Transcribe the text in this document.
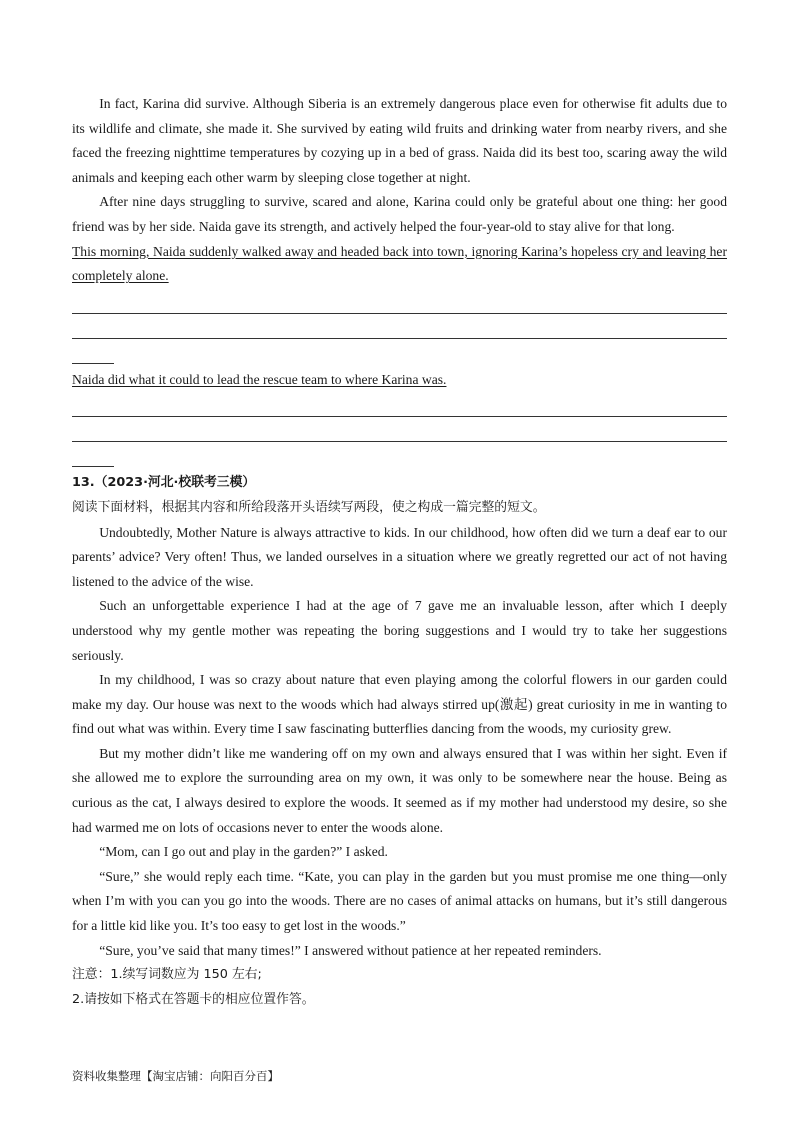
In fact, Karina did survive. Although Siberia is an extremely dangerous place even for otherwise fit adults due to its wildlife and climate, she made it. She survived by eating wild fruits and drinking water from nearby rivers, and she faced the freezing nighttime temperatures by cozying up in a bed of grass. Naida did its best too, scaring away the wild animals and keeping each other warm by sleeping close together at night.

After nine days struggling to survive, scared and alone, Karina could only be grateful about one thing: her good friend was by her side. Naida gave its strength, and actively helped the four-year-old to stay alive for that long.

This morning, Naida suddenly walked away and headed back into town, ignoring Karina’s hopeless cry and leaving her completely alone.

Naida did what it could to lead the rescue team to where Karina was.

13.（2023·河北·校联考三模）

阅读下面材料，根据其内容和所给段落开头语续写两段，使之构成一篇完整的短文。

Undoubtedly, Mother Nature is always attractive to kids. In our childhood, how often did we turn a deaf ear to our parents’ advice? Very often! Thus, we landed ourselves in a situation where we greatly regretted our act of not having listened to the advice of the wise.

Such an unforgettable experience I had at the age of 7 gave me an invaluable lesson, after which I deeply understood why my gentle mother was repeating the boring suggestions and I would try to take her suggestions seriously.

In my childhood, I was so crazy about nature that even playing among the colorful flowers in our garden could make my day. Our house was next to the woods which had always stirred up(激起) great curiosity in me in wanting to find out what was within. Every time I saw fascinating butterflies dancing from the woods, my curiosity grew.

But my mother didn’t like me wandering off on my own and always ensured that I was within her sight. Even if she allowed me to explore the surrounding area on my own, it was only to be somewhere near the house. Being as curious as the cat, I always desired to explore the woods. It seemed as if my mother had understood my desire, so she had warmed me on lots of occasions never to enter the woods alone.

“Mom, can I go out and play in the garden?” I asked.

“Sure,” she would reply each time. “Kate, you can play in the garden but you must promise me one thing—only when I’m with you can you go into the woods. There are no cases of animal attacks on humans, but it’s still dangerous for a little kid like you. It’s too easy to get lost in the woods.”

“Sure, you’ve said that many times!” I answered without patience at her repeated reminders.

注意：1.续写词数应为 150 左右;

2.请按如下格式在答题卡的相应位置作答。

资料收集整理【淘宝店铺：向阳百分百】
